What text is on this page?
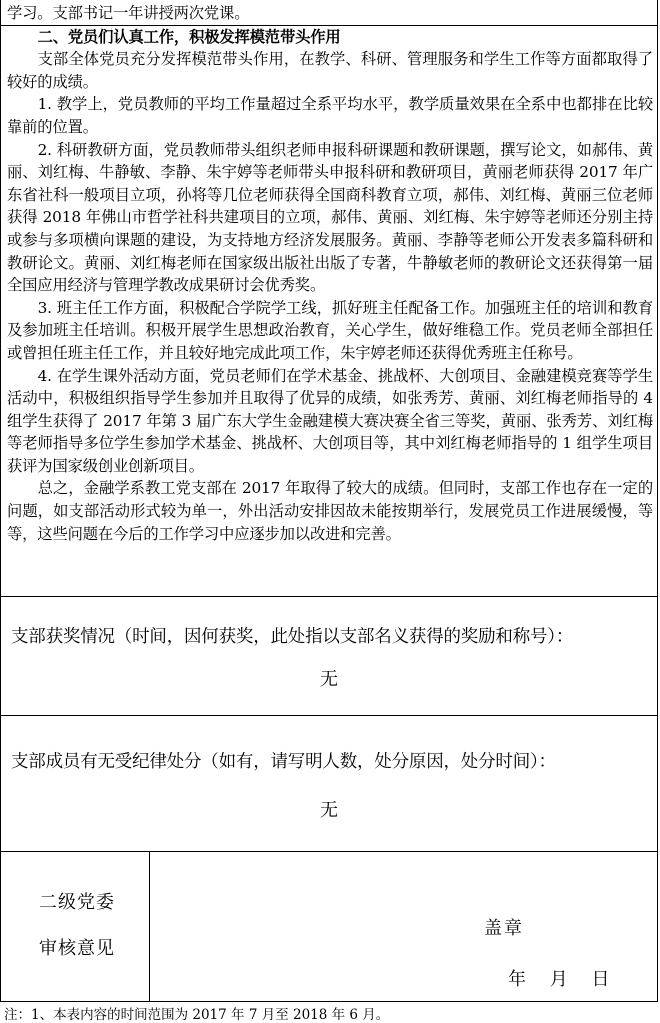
学习。支部书记一年讲授两次党课。

二、党员们认真工作，积极发挥模范带头作用

支部全体党员充分发挥模范带头作用，在教学、科研、管理服务和学生工作等方面都取得了较好的成绩。

1. 教学上，党员教师的平均工作量超过全系平均水平，教学质量效果在全系中也都排在比较靠前的位置。

2. 科研教研方面，党员教师带头组织老师申报科研课题和教研课题，撰写论文，如郝伟、黄丽、刘红梅、牛静敏、李静、朱宇婷等老师带头申报科研和教研项目，黄丽老师获得 2017 年广东省社科一般项目立项，孙将等几位老师获得全国商科教育立项，郝伟、刘红梅、黄丽三位老师获得 2018 年佛山市哲学社科共建项目的立项，郝伟、黄丽、刘红梅、朱宇婷等老师还分别主持或参与多项横向课题的建设，为支持地方经济发展服务。黄丽、李静等老师公开发表多篇科研和教研论文。黄丽、刘红梅老师在国家级出版社出版了专著，牛静敏老师的教研论文还获得第一届全国应用经济与管理学教改成果研讨会优秀奖。

3. 班主任工作方面，积极配合学院学工线，抓好班主任配备工作。加强班主任的培训和教育及参加班主任培训。积极开展学生思想政治教育，关心学生，做好维稳工作。党员老师全部担任或曾担任班主任工作，并且较好地完成此项工作，朱宇婷老师还获得优秀班主任称号。

4. 在学生课外活动方面，党员老师们在学术基金、挑战杯、大创项目、金融建模竞赛等学生活动中，积极组织指导学生参加并且取得了优异的成绩，如张秀芳、黄丽、刘红梅老师指导的 4 组学生获得了 2017 年第 3 届广东大学生金融建模大赛决赛全省三等奖，黄丽、张秀芳、刘红梅等老师指导多位学生参加学术基金、挑战杯、大创项目等，其中刘红梅老师指导的 1 组学生项目获评为国家级创业创新项目。

总之，金融学系教工党支部在 2017 年取得了较大的成绩。但同时，支部工作也存在一定的问题，如支部活动形式较为单一，外出活动安排因故未能按期举行，发展党员工作进展缓慢，等等，这些问题在今后的工作学习中应逐步加以改进和完善。

支部获奖情况（时间，因何获奖，此处指以支部名义获得的奖励和称号）：
无
支部成员有无受纪律处分（如有，请写明人数，处分原因，处分时间）：
无
二级党委
审核意见
盖章
年 月 日
注：1、本表内容的时间范围为 2017 年 7 月至 2018 年 6 月。
